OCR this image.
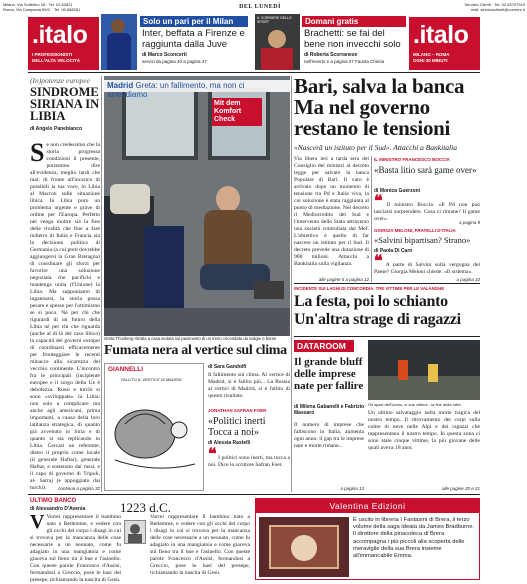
Milano, Via Solferino 28 · Tel. 02 62821
Roma, Via Campania 59/C · Tel. 06 688281
Servizio Clienti · Tel. 02 63797510
mail: servizioclienti@corriere.it
.italo
I PROFESSIONISTI
DELL'ALTA VELOCITÀ
Solo un pari per il Milan
Inter, beffata a Firenze e raggiunta dalla Juve
di Marco Sconcerti
servizi da pagina 40 a pagina 47
DEL LUNEDÌ
IL CORRIERE DELLO SPORT	Domani gratis
Brachetti: se fai del bene non invecchi solo
di Roberta Scorranese
nell'inserto e a pagina 27 Fausta Chiesa
.italo
MILANO – ROMA
OGNI 30 MINUTI
(In)potenze europee
SINDROME SIRIANA IN LIBIA
di Angelo Panebianco
Se non credessimo che la storia progressa condizioni il presente, potremmo dire all'evidenza, meglio tardi che mai: di fronte all'incarico di possibili la tua voce, in Libia al Macron sulle situazione libica. In Libia puro un problema urgente e grave di ordine per l'Europa. Perfetto nel venga inoltre sia la fine delle rivalità che fine a fare indietro di Italia e Francia sia la decisione politica di Germania (a cui preti dovrebbe aggiungersi la Gran Bretagna) di coordinare gli sforzi per favorire una soluzione negoziata che pacifichi e mantenga unita (l'Unione) la Libia. Ma supponiamo di ingannarsi, la storia possa pesare e spesso per l'ottimismo se si poco. Né per chi che rigurardi di un futuro della Libia né per chi che riguarda (anche al di là del caso libico) la capacità dei governi europei di coordinarsi efficacemente per fronteggiare le recenti minacce alla sicurezza del vecchio continente. L'incontro fra le principali (incipiente europee e il sorgo della Ue è debolezza. Russi e turchi si sono «sviluppate» la Libia: non solo a complicare ma anche agli americani, prima importanti, a causa della loro latitanza strategica, di quanto già avvenuto in Siria e di quanto si sta replicando in Libia. Cercasi un referente, dietro il proprio come locale (il generale Haftar), generale Haftar, e sostenuto dai russi, e il capo di governo di Tripoli, al- Sarraj (e appoggiato dai turchi).	continua a pagina 32
Mit dem Komfort Check
Madrid Greta: un fallimento, ma non ci arrendiamo
Greta Thunberg ritratta a casa seduta sul pavimento di un treno circondata da valigie e borse
Fumata nera al vertice sul clima
GIANNELLI
FALLITO IL VERTICE DI MADRID
di Sara Gandolfi
Il fallimento sul clima. Al vertice di Madrid, si è fallito più... La Russia ai vertici di Madrid, si è fallito di questo risultato.
JONATHAN SAFRAN FOER
«Politici inerti Tocca a noi»
di Alessia Rastelli
❝ I politici sono inerti, ma tocca a noi. Dice lo scrittore Safran Foer.
Bari, salva la banca Ma nel governo restano le tensioni
«Nasceră un istituto per il Sud». Attacchi a Bankitalia
Via libera ieri a tarda sera del Consiglio dei ministri al decreto legge per salvare la banca Popolare di Bari. Il varo è arrivato dopo un momento di tensione tra Pd e Italia viva, la cui soluzione è stata raggiunta al punto di mediazione. Nel decreto il Mediocredito del Sud e l'intervento dello Stato attraverso una società controllata dal Mef. L'obiettivo è quello di far nascere un istituto per il Sud. Il decreto prevede una dotazione di 900 milioni. Attacchi a Bankitalia sulla vigilanza.
alle pagine 5 a pagina 12
IL MINISTRO FRANCESCO BOCCIA
«Basta litio sarà game over»
di Monica Guerzoni
❝ Il ministro Boccia: «Il Pd non può lasciarsi sorprendere. Cosa ci rimane? Il game over».
a pagina 9
GIORGIA MELONI, FRATELLI D'ITALIA
«Salvini bipartisan? Strano»
di Paola Di Caro
❝ A parte di Salvini sulla vergogna del Paese? Giorgia Meloni chiede: «Il sistema».
a pagina 10
INCIDENTE SUI LAGHI DI CONCORDIA. TRE VITTIME PER LE VALANGHE
La festa, poi lo schianto Un'altra strage di ragazzi
DATAROOM
Il grande bluff delle imprese nate per fallire
di Milena Gabanelli e Fabrizio Massaro
Il numero di imprese che falliscono in Italia, aumenta ogni anno: il gap tra le imprese nate e morte rimane...
a pagina 13
Gli spazi dell'Uomo, le sue vittime - la fine della rotta
Un ultimo salvataggio nella morte tragica del nostro tempo. Il ritrovamento dei corpi sulla coltre di neve nelle Alpi e dei ragazzi che rappresentano il nostro tempo. In questa zona ci sono state cinque vittime, la più giovane delle quali aveva 18 anni.
alle pagine 20 e 21
ULTIMO BANCO
di Alessandro D'Avenia	1223 d.C.
V Vorrei rappresentare il bambino nato a Betlemme, e vedere con gli occhi del corpo i disagi in cui si trovava per la mancanza delle cose necessarie a un neonato, come fu adagiato in una mangiatoia e come giaceva sul fieno tra il bue e l'asinello. Con queste parole Francesco d'Assisi, fermandosi a Greccio, pose le basi del presepe, richiamando la nascita di Gesù.
Vorrei rappresentare il bambino nato a Betlemme, e vedere con gli occhi del corpo i disagi in cui si trovava per la mancanza delle cose necessarie a un neonato, come fu adagiato in una mangiatoia e come giaceva sul fieno tra il bue e l'asinello. Con queste parole Francesco d'Assisi, fermandosi a Greccio, pose le basi del presepe, richiamando la nascita di Gesù.
Valentina Edizioni
È uscito in libreria I Fantasmi di Brera, il terzo volume della saga ideata da James Bradburne. Il direttore della pinacoteca di Brera accompagna i più piccoli alla scoperta delle meraviglie della sua Brera insieme all'immancabile Emma.
